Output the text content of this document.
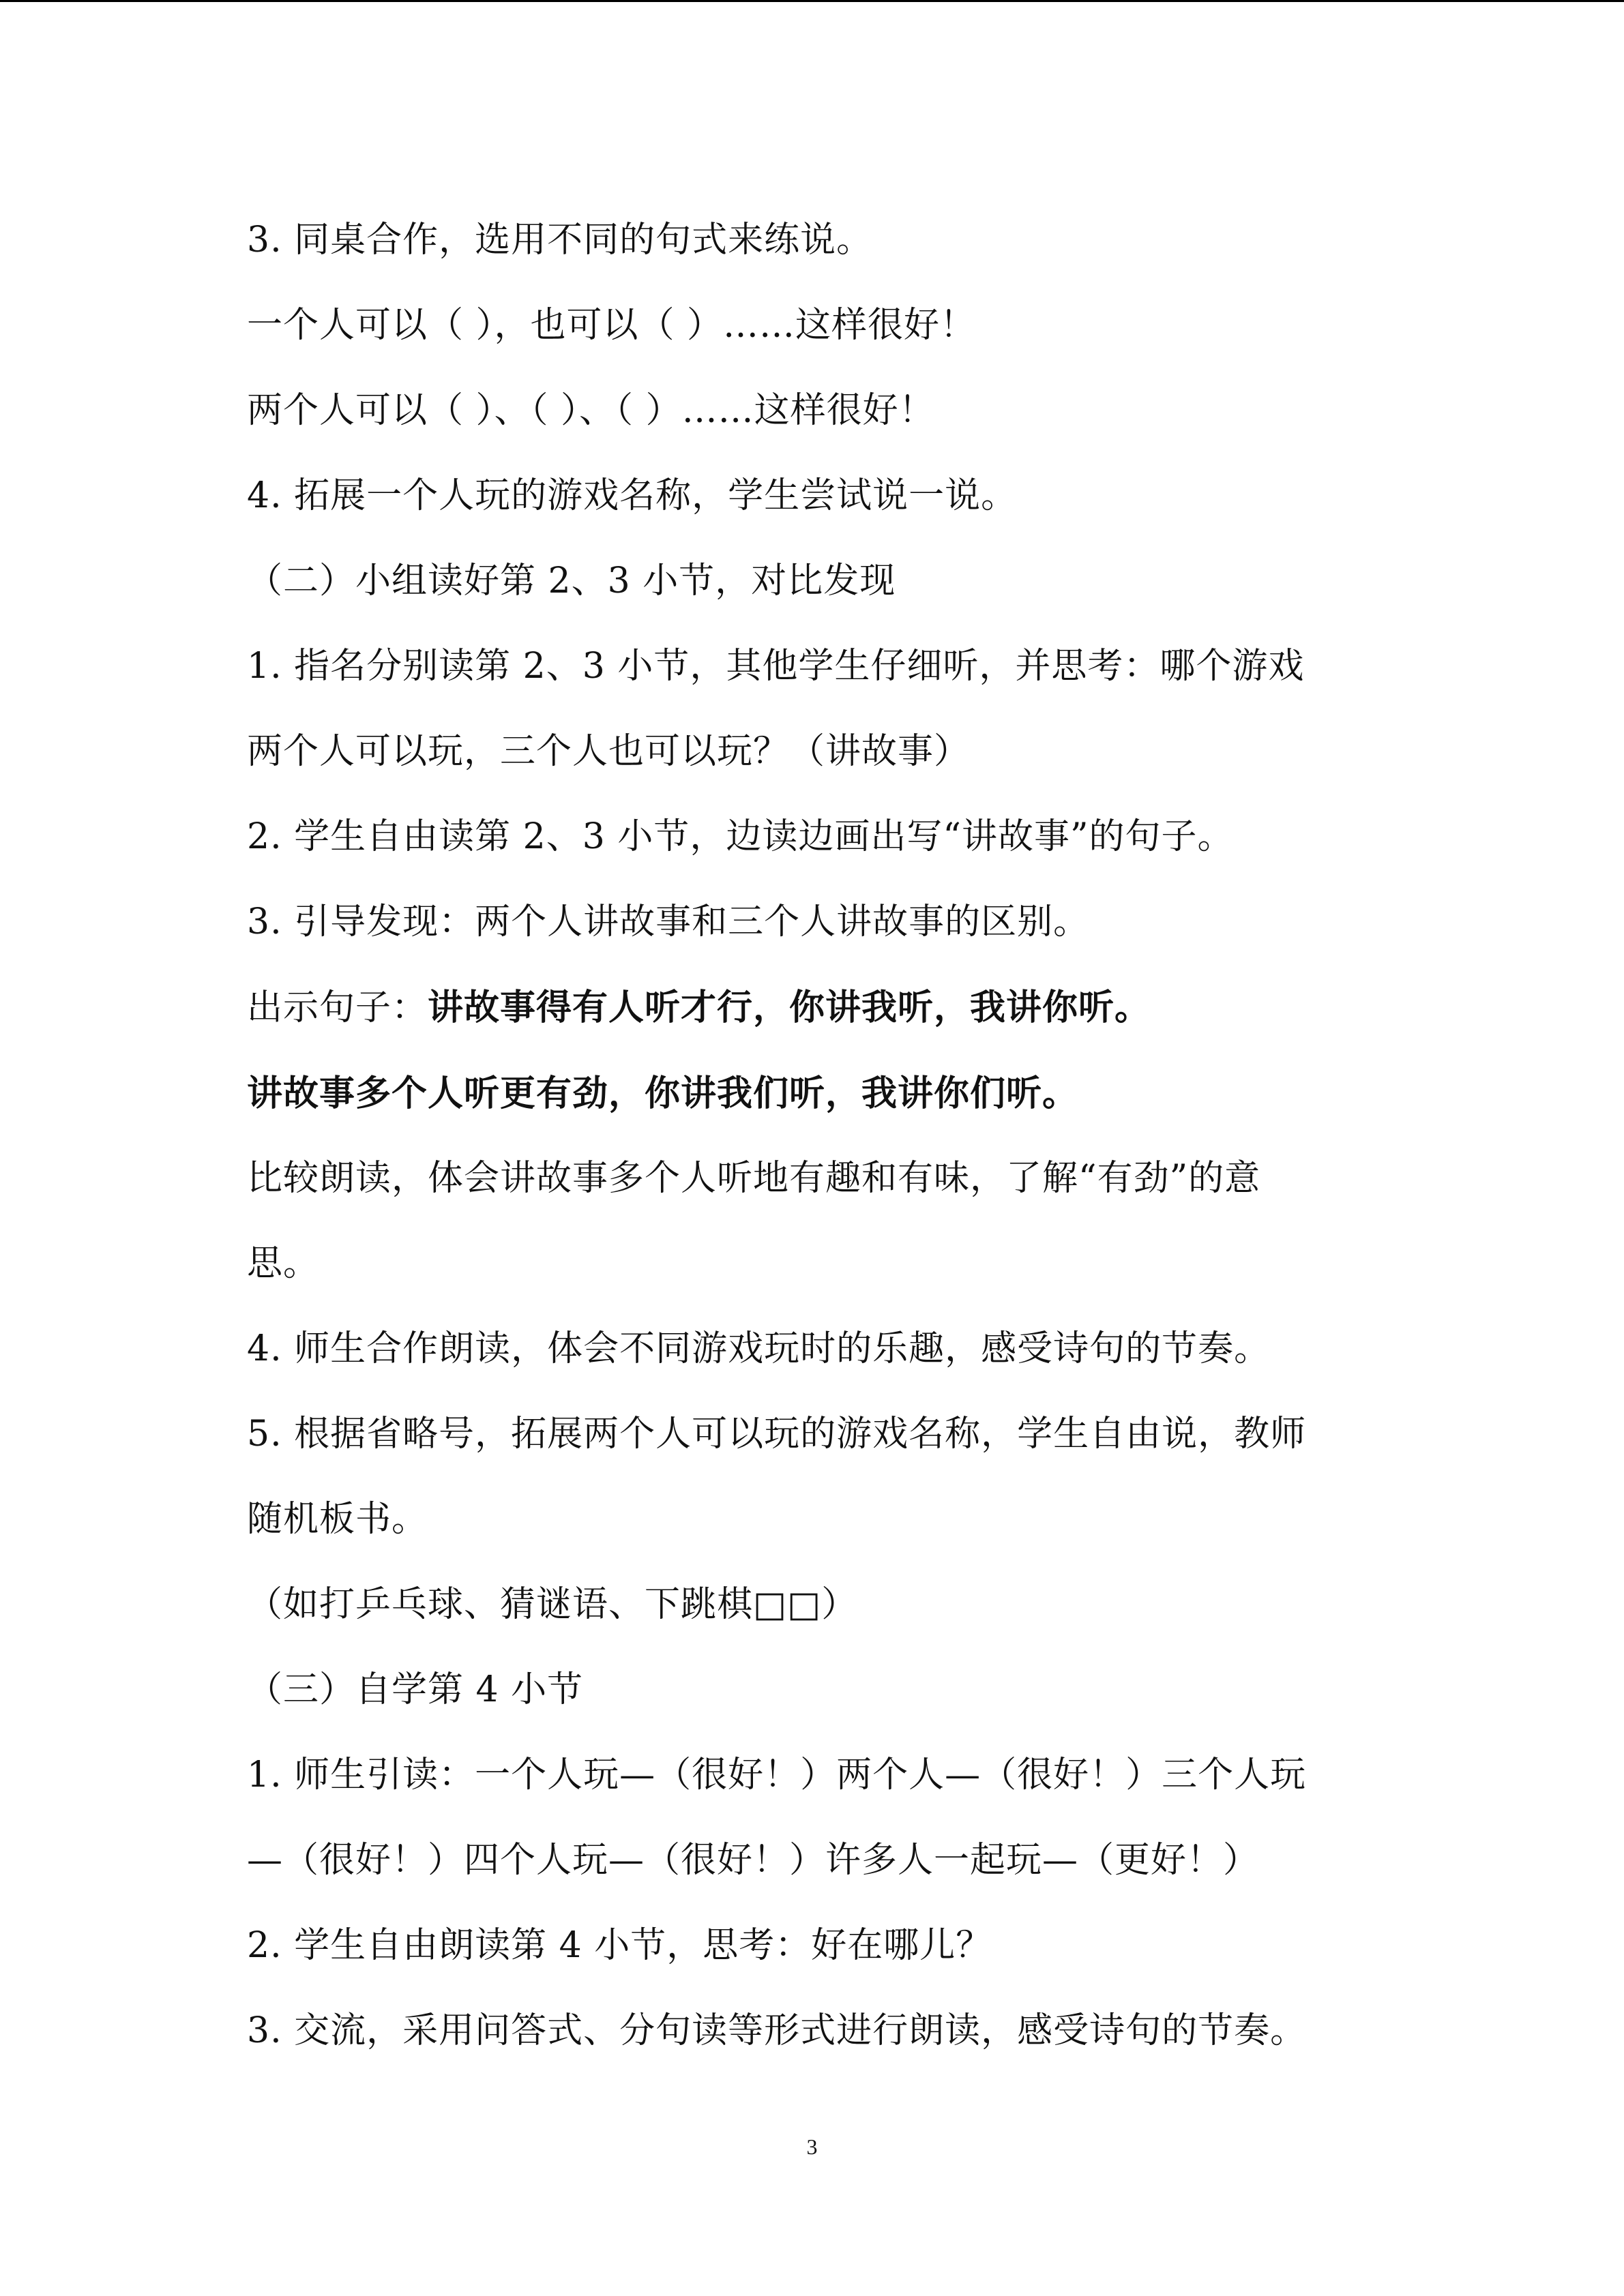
3. 同桌合作，选用不同的句式来练说。
一个人可以（ ），也可以（ ）……这样很好！
两个人可以（ ）、（ ）、（ ）……这样很好！
4. 拓展一个人玩的游戏名称，学生尝试说一说。
（二）小组读好第 2、3 小节，对比发现
1. 指名分别读第 2、3 小节，其他学生仔细听，并思考：哪个游戏
两个人可以玩，三个人也可以玩？（讲故事）
2. 学生自由读第 2、3 小节，边读边画出写“讲故事”的句子。
3. 引导发现：两个人讲故事和三个人讲故事的区别。
出示句子：讲故事得有人听才行，你讲我听，我讲你听。
讲故事多个人听更有劲，你讲我们听，我讲你们听。
比较朗读，体会讲故事多个人听地有趣和有味，了解“有劲”的意
思。
4. 师生合作朗读，体会不同游戏玩时的乐趣，感受诗句的节奏。
5. 根据省略号，拓展两个人可以玩的游戏名称，学生自由说，教师
随机板书。
（如打乒乓球、猜谜语、下跳棋□□）
（三）自学第 4 小节
1. 师生引读：一个人玩—（很好！）两个人—（很好！）三个人玩
—（很好！）四个人玩—（很好！）许多人一起玩—（更好！）
2. 学生自由朗读第 4 小节，思考：好在哪儿？
3. 交流，采用问答式、分句读等形式进行朗读，感受诗句的节奏。
3
